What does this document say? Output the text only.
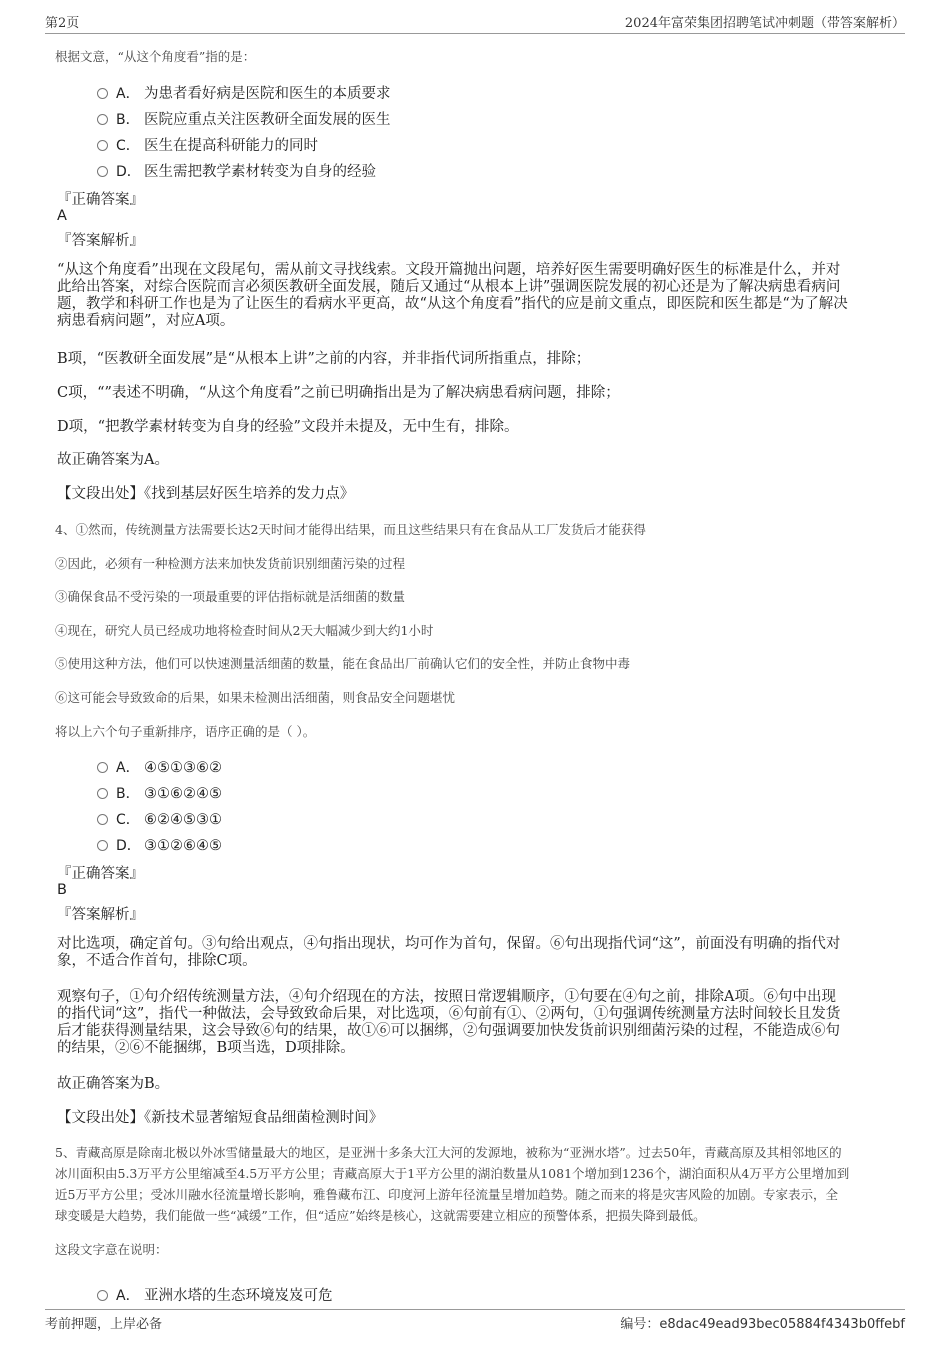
第2页	2024年富荣集团招聘笔试冲刺题（带答案解析）
根据文意，“从这个角度看”指的是：
A． 为患者看好病是医院和医生的本质要求
B． 医院应重点关注医教研全面发展的医生
C． 医生在提高科研能力的同时
D． 医生需把教学素材转变为自身的经验
『正确答案』
A
『答案解析』
“从这个角度看”出现在文段尾句，需从前文寻找线索。文段开篇抛出问题，培养好医生需要明确好医生的标准是什么，并对
此给出答案，对综合医院而言必须医教研全面发展，随后又通过“从根本上讲”强调医院发展的初心还是为了解决病患看病问
题，教学和科研工作也是为了让医生的看病水平更高，故“从这个角度看”指代的应是前文重点，即医院和医生都是“为了解决
病患看病问题”，对应A项。
B项，“医教研全面发展”是“从根本上讲”之前的内容，并非指代词所指重点，排除；
C项，“”表述不明确，“从这个角度看”之前已明确指出是为了解决病患看病问题，排除；
D项，“把教学素材转变为自身的经验”文段并未提及，无中生有，排除。
故正确答案为A。
【文段出处】《找到基层好医生培养的发力点》
4、①然而，传统测量方法需要长达2天时间才能得出结果，而且这些结果只有在食品从工厂发货后才能获得
②因此，必须有一种检测方法来加快发货前识别细菌污染的过程
③确保食品不受污染的一项最重要的评估指标就是活细菌的数量
④现在，研究人员已经成功地将检查时间从2天大幅减少到大约1小时
⑤使用这种方法，他们可以快速测量活细菌的数量，能在食品出厂前确认它们的安全性，并防止食物中毒
⑥这可能会导致致命的后果，如果未检测出活细菌，则食品安全问题堪忧
将以上六个句子重新排序，语序正确的是（ ）。
A． ④⑤①③⑥②
B． ③①⑥②④⑤
C． ⑥②④⑤③①
D． ③①②⑥④⑤
『正确答案』
B
『答案解析』
对比选项，确定首句。③句给出观点，④句指出现状，均可作为首句，保留。⑥句出现指代词“这”，前面没有明确的指代对
象，不适合作首句，排除C项。
观察句子，①句介绍传统测量方法，④句介绍现在的方法，按照日常逻辑顺序，①句要在④句之前，排除A项。⑥句中出现
的指代词“这”，指代一种做法，会导致致命后果，对比选项，⑥句前有①、②两句，①句强调传统测量方法时间较长且发货
后才能获得测量结果，这会导致⑥句的结果，故①⑥可以捆绑，②句强调要加快发货前识别细菌污染的过程，不能造成⑥句
的结果，②⑥不能捆绑，B项当选，D项排除。
故正确答案为B。
【文段出处】《新技术显著缩短食品细菌检测时间》
5、青藏高原是除南北极以外冰雪储量最大的地区，是亚洲十多条大江大河的发源地，被称为“亚洲水塔”。过去50年，青藏高原及其相邻地区的
冰川面积由5.3万平方公里缩减至4.5万平方公里；青藏高原大于1平方公里的湖泊数量从1081个增加到1236个，湖泊面积从4万平方公里增加到
近5万平方公里；受冰川融水径流量增长影响，雅鲁藏布江、印度河上游年径流量呈增加趋势。随之而来的将是灾害风险的加剧。专家表示，全
球变暖是大趋势，我们能做一些“减缓”工作，但“适应”始终是核心，这就需要建立相应的预警体系，把损失降到最低。
这段文字意在说明：
A． 亚洲水塔的生态环境岌岌可危
考前押题，上岸必备	编号：e8dac49ead93bec05884f4343b0ffebf
